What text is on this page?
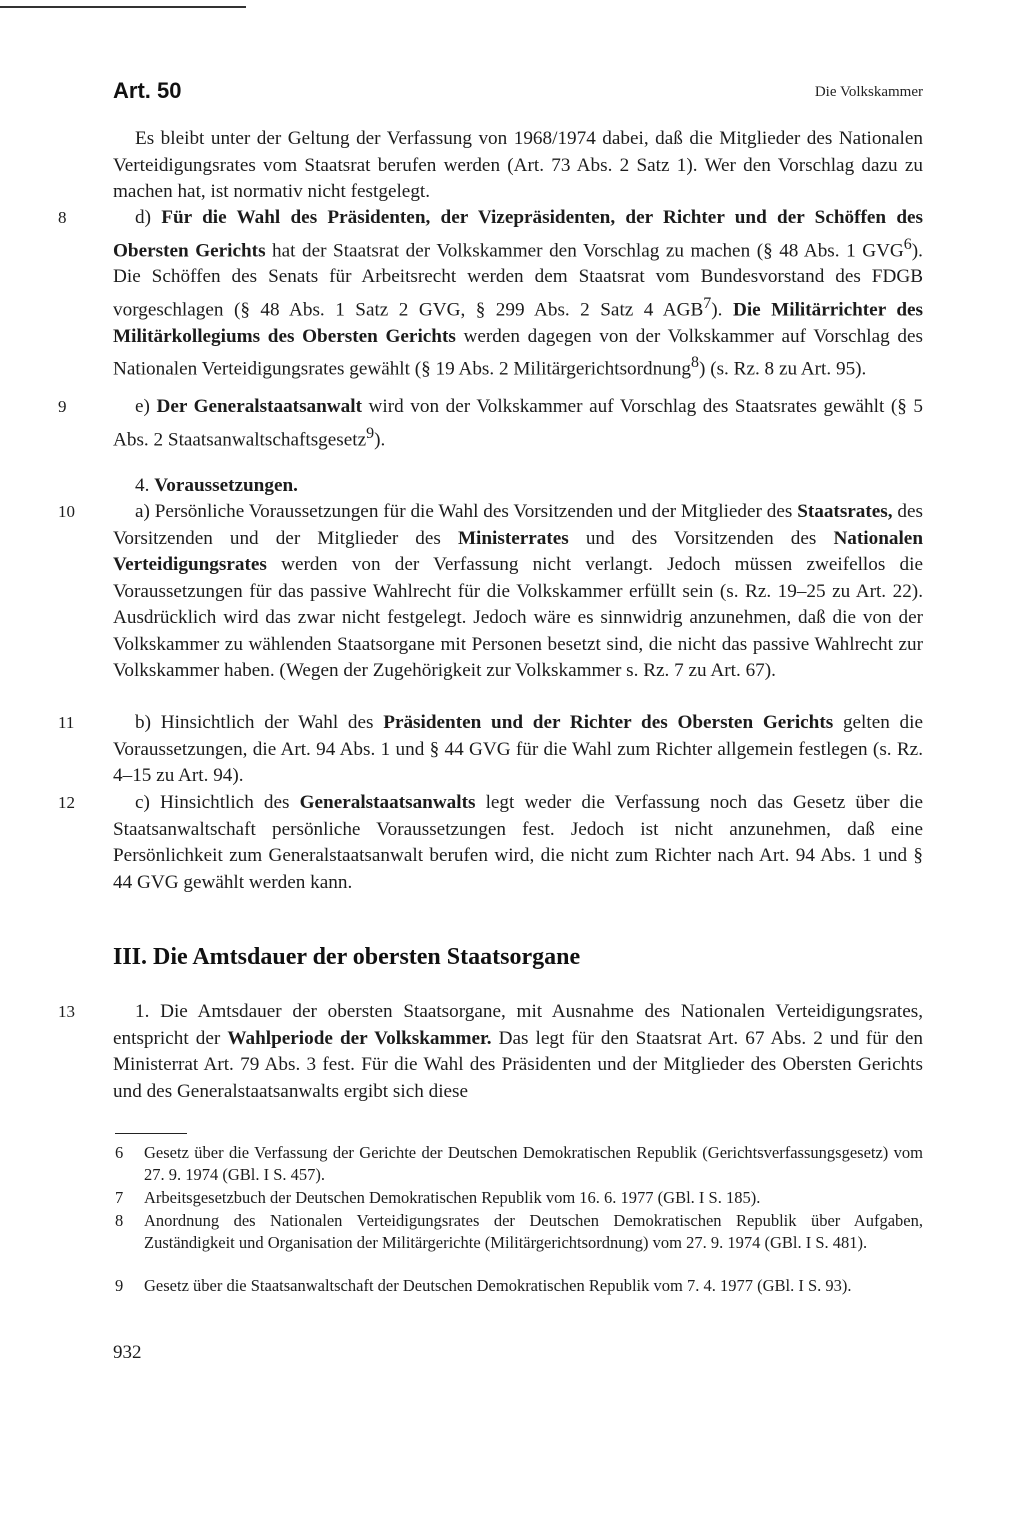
Art. 50	Die Volkskammer

Es bleibt unter der Geltung der Verfassung von 1968/1974 dabei, daß die Mitglieder des Nationalen Verteidigungsrates vom Staatsrat berufen werden (Art. 73 Abs. 2 Satz 1). Wer den Vorschlag dazu zu machen hat, ist normativ nicht festgelegt.

8	d) Für die Wahl des Präsidenten, der Vizepräsidenten, der Richter und der Schöffen des Obersten Gerichts hat der Staatsrat der Volkskammer den Vorschlag zu machen (§ 48 Abs. 1 GVG$^6$). Die Schöffen des Senats für Arbeitsrecht werden dem Staatsrat vom Bundesvorstand des FDGB vorgeschlagen (§ 48 Abs. 1 Satz 2 GVG, § 299 Abs. 2 Satz 4 AGB$^7$). Die Militärrichter des Militärkollegiums des Obersten Gerichts werden dagegen von der Volkskammer auf Vorschlag des Nationalen Verteidigungsrates gewählt (§ 19 Abs. 2 Militärgerichtsordnung$^8$) (s. Rz. 8 zu Art. 95).

9	e) Der Generalstaatsanwalt wird von der Volkskammer auf Vorschlag des Staatsrates gewählt (§ 5 Abs. 2 Staatsanwaltschaftsgesetz$^9$).

4. Voraussetzungen.
10	a) Persönliche Voraussetzungen für die Wahl des Vorsitzenden und der Mitglieder des Staatsrates, des Vorsitzenden und der Mitglieder des Ministerrates und des Vorsitzenden des Nationalen Verteidigungsrates werden von der Verfassung nicht verlangt. Jedoch müssen zweifellos die Voraussetzungen für das passive Wahlrecht für die Volkskammer erfüllt sein (s. Rz. 19–25 zu Art. 22). Ausdrücklich wird das zwar nicht festgelegt. Jedoch wäre es sinnwidrig anzunehmen, daß die von der Volkskammer zu wählenden Staatsorgane mit Personen besetzt sind, die nicht das passive Wahlrecht zur Volkskammer haben. (Wegen der Zugehörigkeit zur Volkskammer s. Rz. 7 zu Art. 67).

11	b) Hinsichtlich der Wahl des Präsidenten und der Richter des Obersten Gerichts gelten die Voraussetzungen, die Art. 94 Abs. 1 und § 44 GVG für die Wahl zum Richter allgemein festlegen (s. Rz. 4–15 zu Art. 94).

12	c) Hinsichtlich des Generalstaatsanwalts legt weder die Verfassung noch das Gesetz über die Staatsanwaltschaft persönliche Voraussetzungen fest. Jedoch ist nicht anzunehmen, daß eine Persönlichkeit zum Generalstaatsanwalt berufen wird, die nicht zum Richter nach Art. 94 Abs. 1 und § 44 GVG gewählt werden kann.

III. Die Amtsdauer der obersten Staatsorgane
13	1. Die Amtsdauer der obersten Staatsorgane, mit Ausnahme des Nationalen Verteidigungsrates, entspricht der Wahlperiode der Volkskammer. Das legt für den Staatsrat Art. 67 Abs. 2 und für den Ministerrat Art. 79 Abs. 3 fest. Für die Wahl des Präsidenten und der Mitglieder des Obersten Gerichts und des Generalstaatsanwalts ergibt sich diese

6	Gesetz über die Verfassung der Gerichte der Deutschen Demokratischen Republik (Gerichtsverfassungsgesetz) vom 27. 9. 1974 (GBl. I S. 457).
7	Arbeitsgesetzbuch der Deutschen Demokratischen Republik vom 16. 6. 1977 (GBl. I S. 185).
8	Anordnung des Nationalen Verteidigungsrates der Deutschen Demokratischen Republik über Aufgaben, Zuständigkeit und Organisation der Militärgerichte (Militärgerichtsordnung) vom 27. 9. 1974 (GBl. I S. 481).
9	Gesetz über die Staatsanwaltschaft der Deutschen Demokratischen Republik vom 7. 4. 1977 (GBl. I S. 93).
932
